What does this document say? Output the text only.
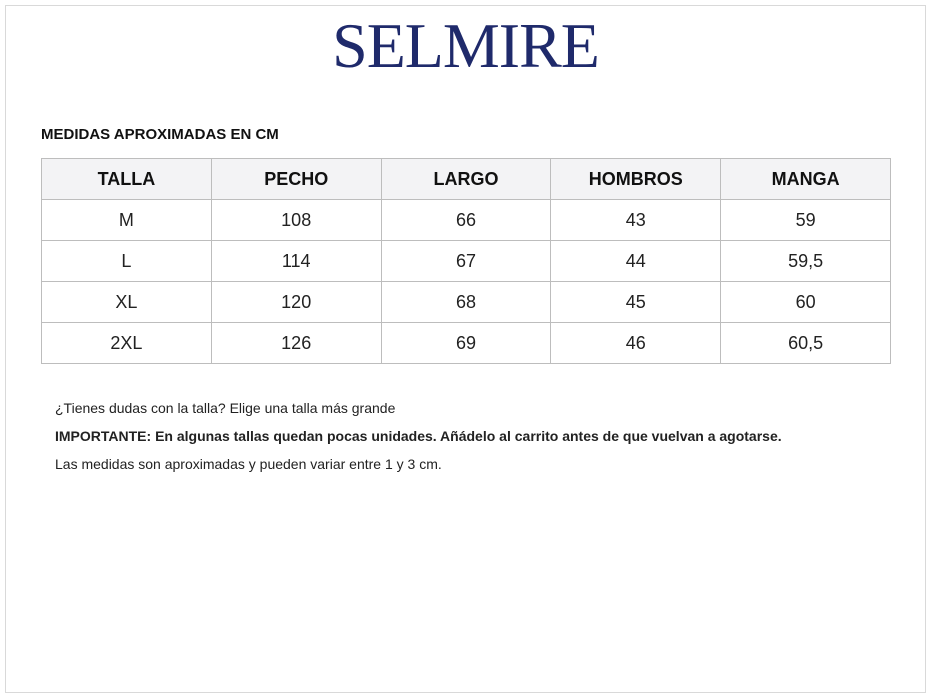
SELMIRE
MEDIDAS APROXIMADAS EN CM
TALLA	PECHO	LARGO	HOMBROS	MANGA
M	108	66	43	59
L	114	67	44	59,5
XL	120	68	45	60
2XL	126	69	46	60,5

¿Tienes dudas con la talla? Elige una talla más grande

IMPORTANTE: En algunas tallas quedan pocas unidades. Añádelo al carrito antes de que vuelvan a agotarse.

Las medidas son aproximadas y pueden variar entre 1 y 3 cm.
